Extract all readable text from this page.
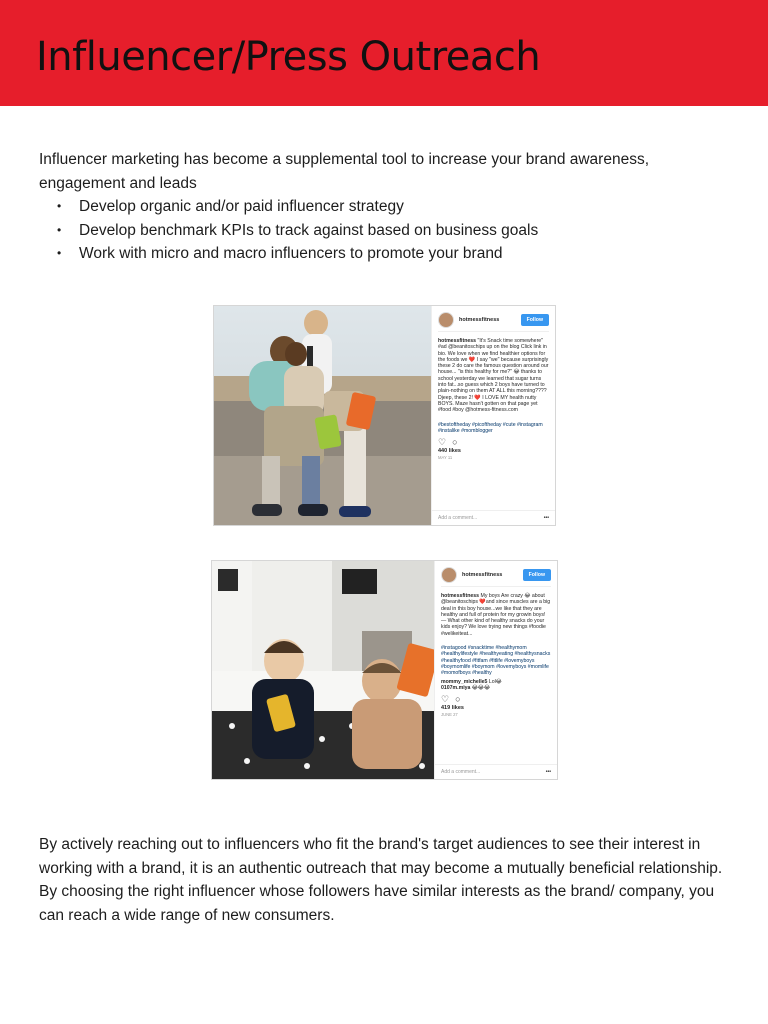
Influencer/Press Outreach
Influencer marketing has become a supplemental tool to increase your brand awareness, engagement and leads
• Develop organic and/or paid influencer strategy
• Develop benchmark KPIs to track against based on business goals
• Work with micro and macro influencers to promote your brand
hotmessfitness	Follow
hotmessfitness "It's Snack time somewhere" #ad @beanitoschips up on the blog Click link in bio. We love when we find healthier options for the foods we ❤️ I say "we" because surprisingly these 2 do care the famous question around our house... "is this healthy for me?" 😂 thanks to school yesterday we learned that sugar turns into fat...so guess which 2 boys have turned to plain-nothing on them AT ALL this morning???? Djeep, these 2! ❤️ I LOVE MY health nutty BOYS. Maze hasn't gotten on that page yet #food #boy @hotmess-fitness.com
#bestoftheday #picoftheday #cute #instagram #instalike #momblogger
♡ ○
440 likes
MAY 11
Add a comment...	•••
hotmessfitness	Follow
hotmessfitness My boys Are crazy 😂 about @beanitoschips ❤️and since muscles are a big deal in this boy house...we like that they are healthy and full of protein for my growin boys! — What other kind of healthy snacks do your kids enjoy? We love trying new things #foodie #welikeiteat...
#instagood #snacktime #healthymom #healthylifestyle #healthyeating #healthysnacks #healthyfood #fitfam #fitlife #lovemyboys #boymomlife #boymom #lovemyboys #momlife #momofboys #healthy
mommy_michelle5 Lol😂
0107m.miya 😂😂😂
♡ ○
419 likes
JUNE 27
Add a comment...	•••

By actively reaching out to influencers who fit the brand's target audiences to see their interest in working with a brand, it is an authentic outreach that may become a mutually beneficial relationship. By choosing the right influencer whose followers have similar interests as the brand/ company, you can reach a wide range of new consumers.
